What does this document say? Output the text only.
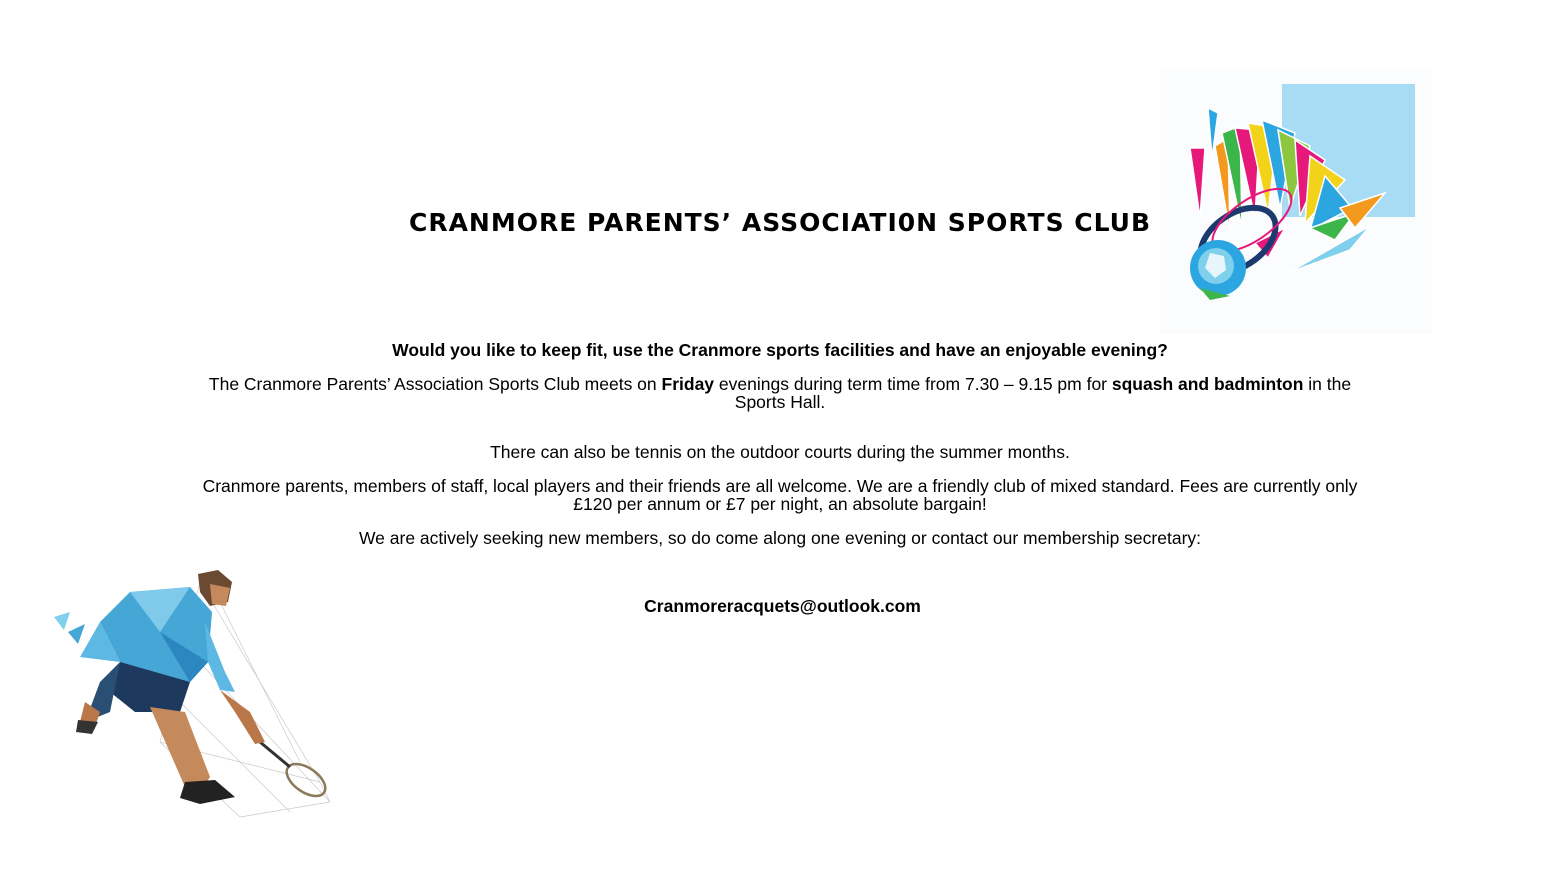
CRANMORE PARENTS’ ASSOCIATI0N SPORTS CLUB
Would you like to keep fit, use the Cranmore sports facilities and have an enjoyable evening?
The Cranmore Parents’ Association Sports Club meets on Friday evenings during term time from 7.30 – 9.15 pm for squash and badminton in the Sports Hall.
There can also be tennis on the outdoor courts during the summer months.
Cranmore parents, members of staff, local players and their friends are all welcome. We are a friendly club of mixed standard. Fees are currently only £120 per annum or £7 per night, an absolute bargain!
We are actively seeking new members, so do come along one evening or contact our membership secretary:
Cranmoreracquets@outlook.com
